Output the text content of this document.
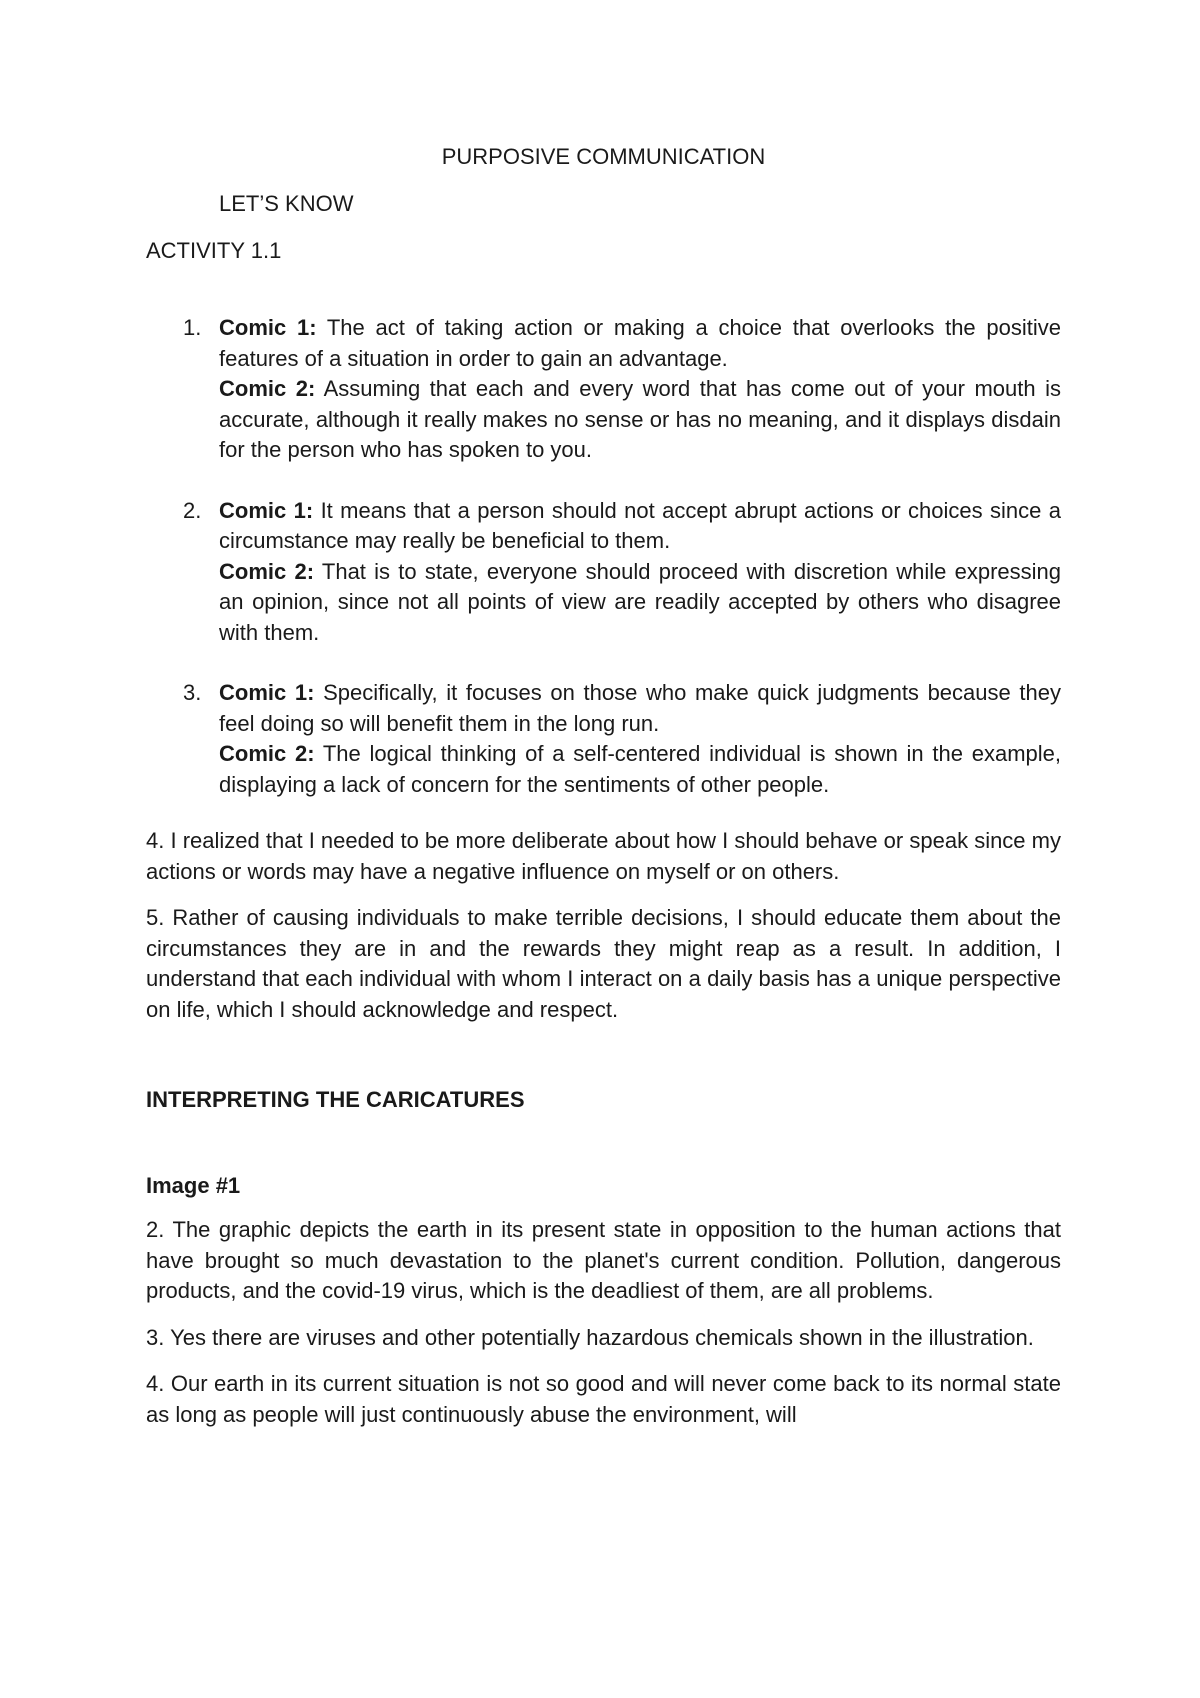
PURPOSIVE COMMUNICATION
LET’S KNOW
ACTIVITY 1.1
1. Comic 1: The act of taking action or making a choice that overlooks the positive features of a situation in order to gain an advantage.
Comic 2: Assuming that each and every word that has come out of your mouth is accurate, although it really makes no sense or has no meaning, and it displays disdain for the person who has spoken to you.
2. Comic 1: It means that a person should not accept abrupt actions or choices since a circumstance may really be beneficial to them.
Comic 2: That is to state, everyone should proceed with discretion while expressing an opinion, since not all points of view are readily accepted by others who disagree with them.
3. Comic 1: Specifically, it focuses on those who make quick judgments because they feel doing so will benefit them in the long run.
Comic 2: The logical thinking of a self-centered individual is shown in the example, displaying a lack of concern for the sentiments of other people.

4. I realized that I needed to be more deliberate about how I should behave or speak since my actions or words may have a negative influence on myself or on others.

5. Rather of causing individuals to make terrible decisions, I should educate them about the circumstances they are in and the rewards they might reap as a result. In addition, I understand that each individual with whom I interact on a daily basis has a unique perspective on life, which I should acknowledge and respect.

INTERPRETING THE CARICATURES
Image #1

2. The graphic depicts the earth in its present state in opposition to the human actions that have brought so much devastation to the planet's current condition. Pollution, dangerous products, and the covid-19 virus, which is the deadliest of them, are all problems.

3. Yes there are viruses and other potentially hazardous chemicals shown in the illustration.

4. Our earth in its current situation is not so good and will never come back to its normal state as long as people will just continuously abuse the environment, will
